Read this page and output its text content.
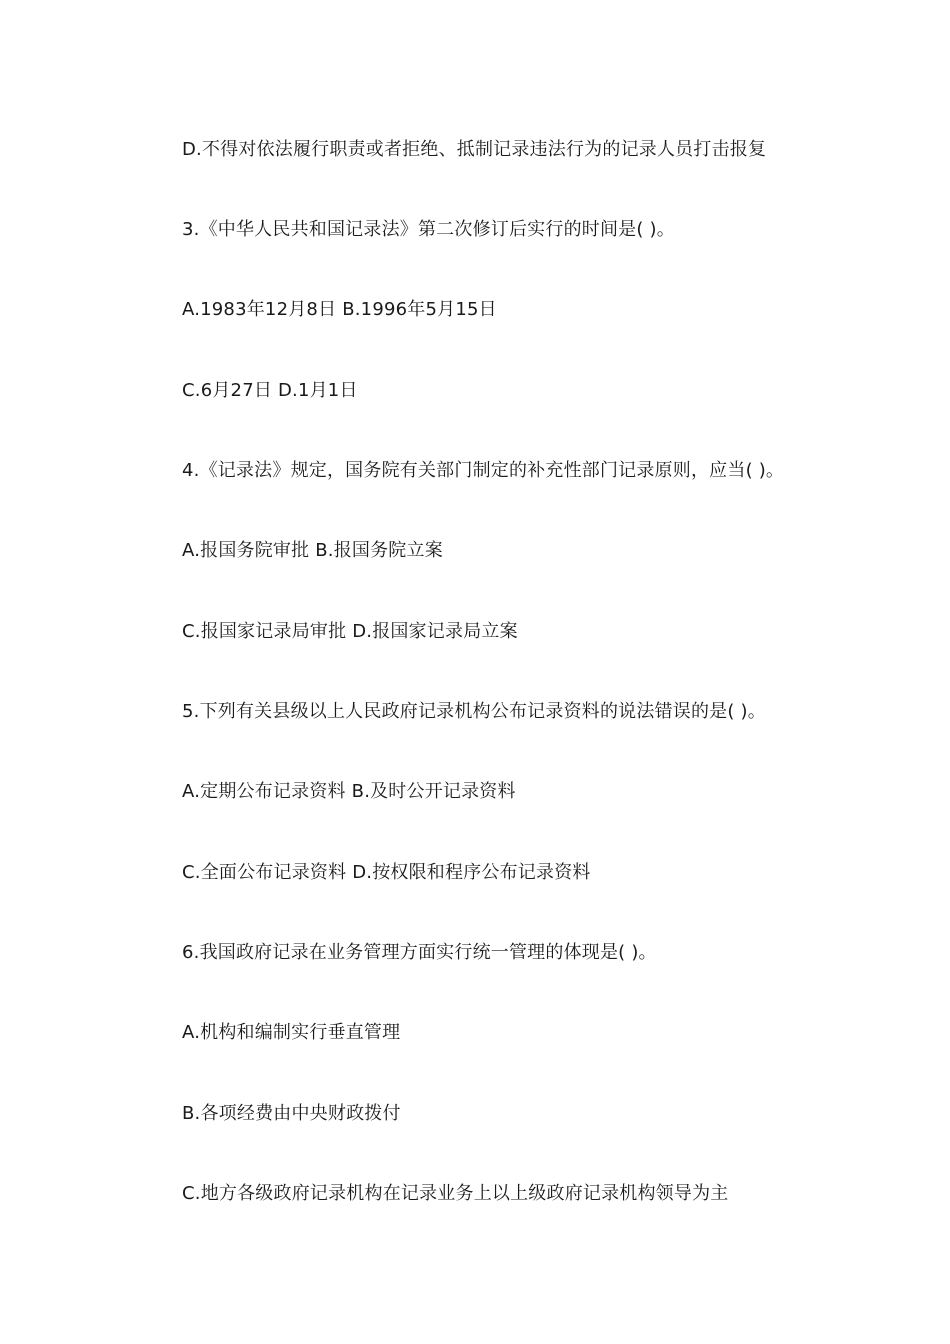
D.不得对依法履行职责或者拒绝、抵制记录违法行为的记录人员打击报复
3.《中华人民共和国记录法》第二次修订后实行的时间是( )。
A.1983年12月8日 B.1996年5月15日
C.6月27日 D.1月1日
4.《记录法》规定，国务院有关部门制定的补充性部门记录原则，应当( )。
A.报国务院审批 B.报国务院立案
C.报国家记录局审批 D.报国家记录局立案
5.下列有关县级以上人民政府记录机构公布记录资料的说法错误的是( )。
A.定期公布记录资料 B.及时公开记录资料
C.全面公布记录资料 D.按权限和程序公布记录资料
6.我国政府记录在业务管理方面实行统一管理的体现是( )。
A.机构和编制实行垂直管理
B.各项经费由中央财政拨付
C.地方各级政府记录机构在记录业务上以上级政府记录机构领导为主
